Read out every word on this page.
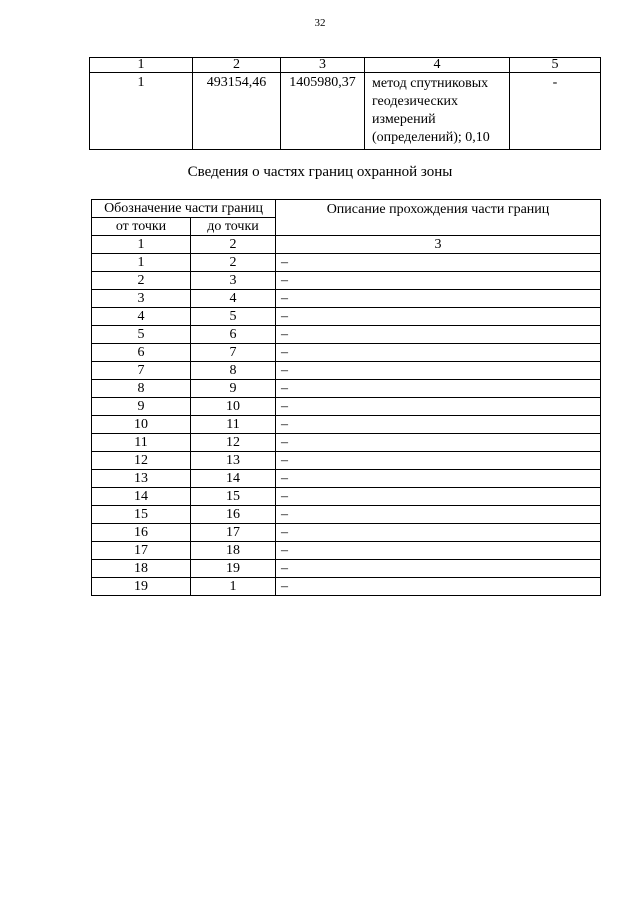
32
1	2	3	4	5
1	493154,46	1405980,37	метод спутниковых
геодезических
измерений
(определений); 0,10	-
Сведения о частях границ охранной зоны
Обозначение части границ		Описание прохождения части границ
от точки	до точки	
1	2	3
1	2	–
2	3	–
3	4	–
4	5	–
5	6	–
6	7	–
7	8	–
8	9	–
9	10	–
10	11	–
11	12	–
12	13	–
13	14	–
14	15	–
15	16	–
16	17	–
17	18	–
18	19	–
19	1	–
